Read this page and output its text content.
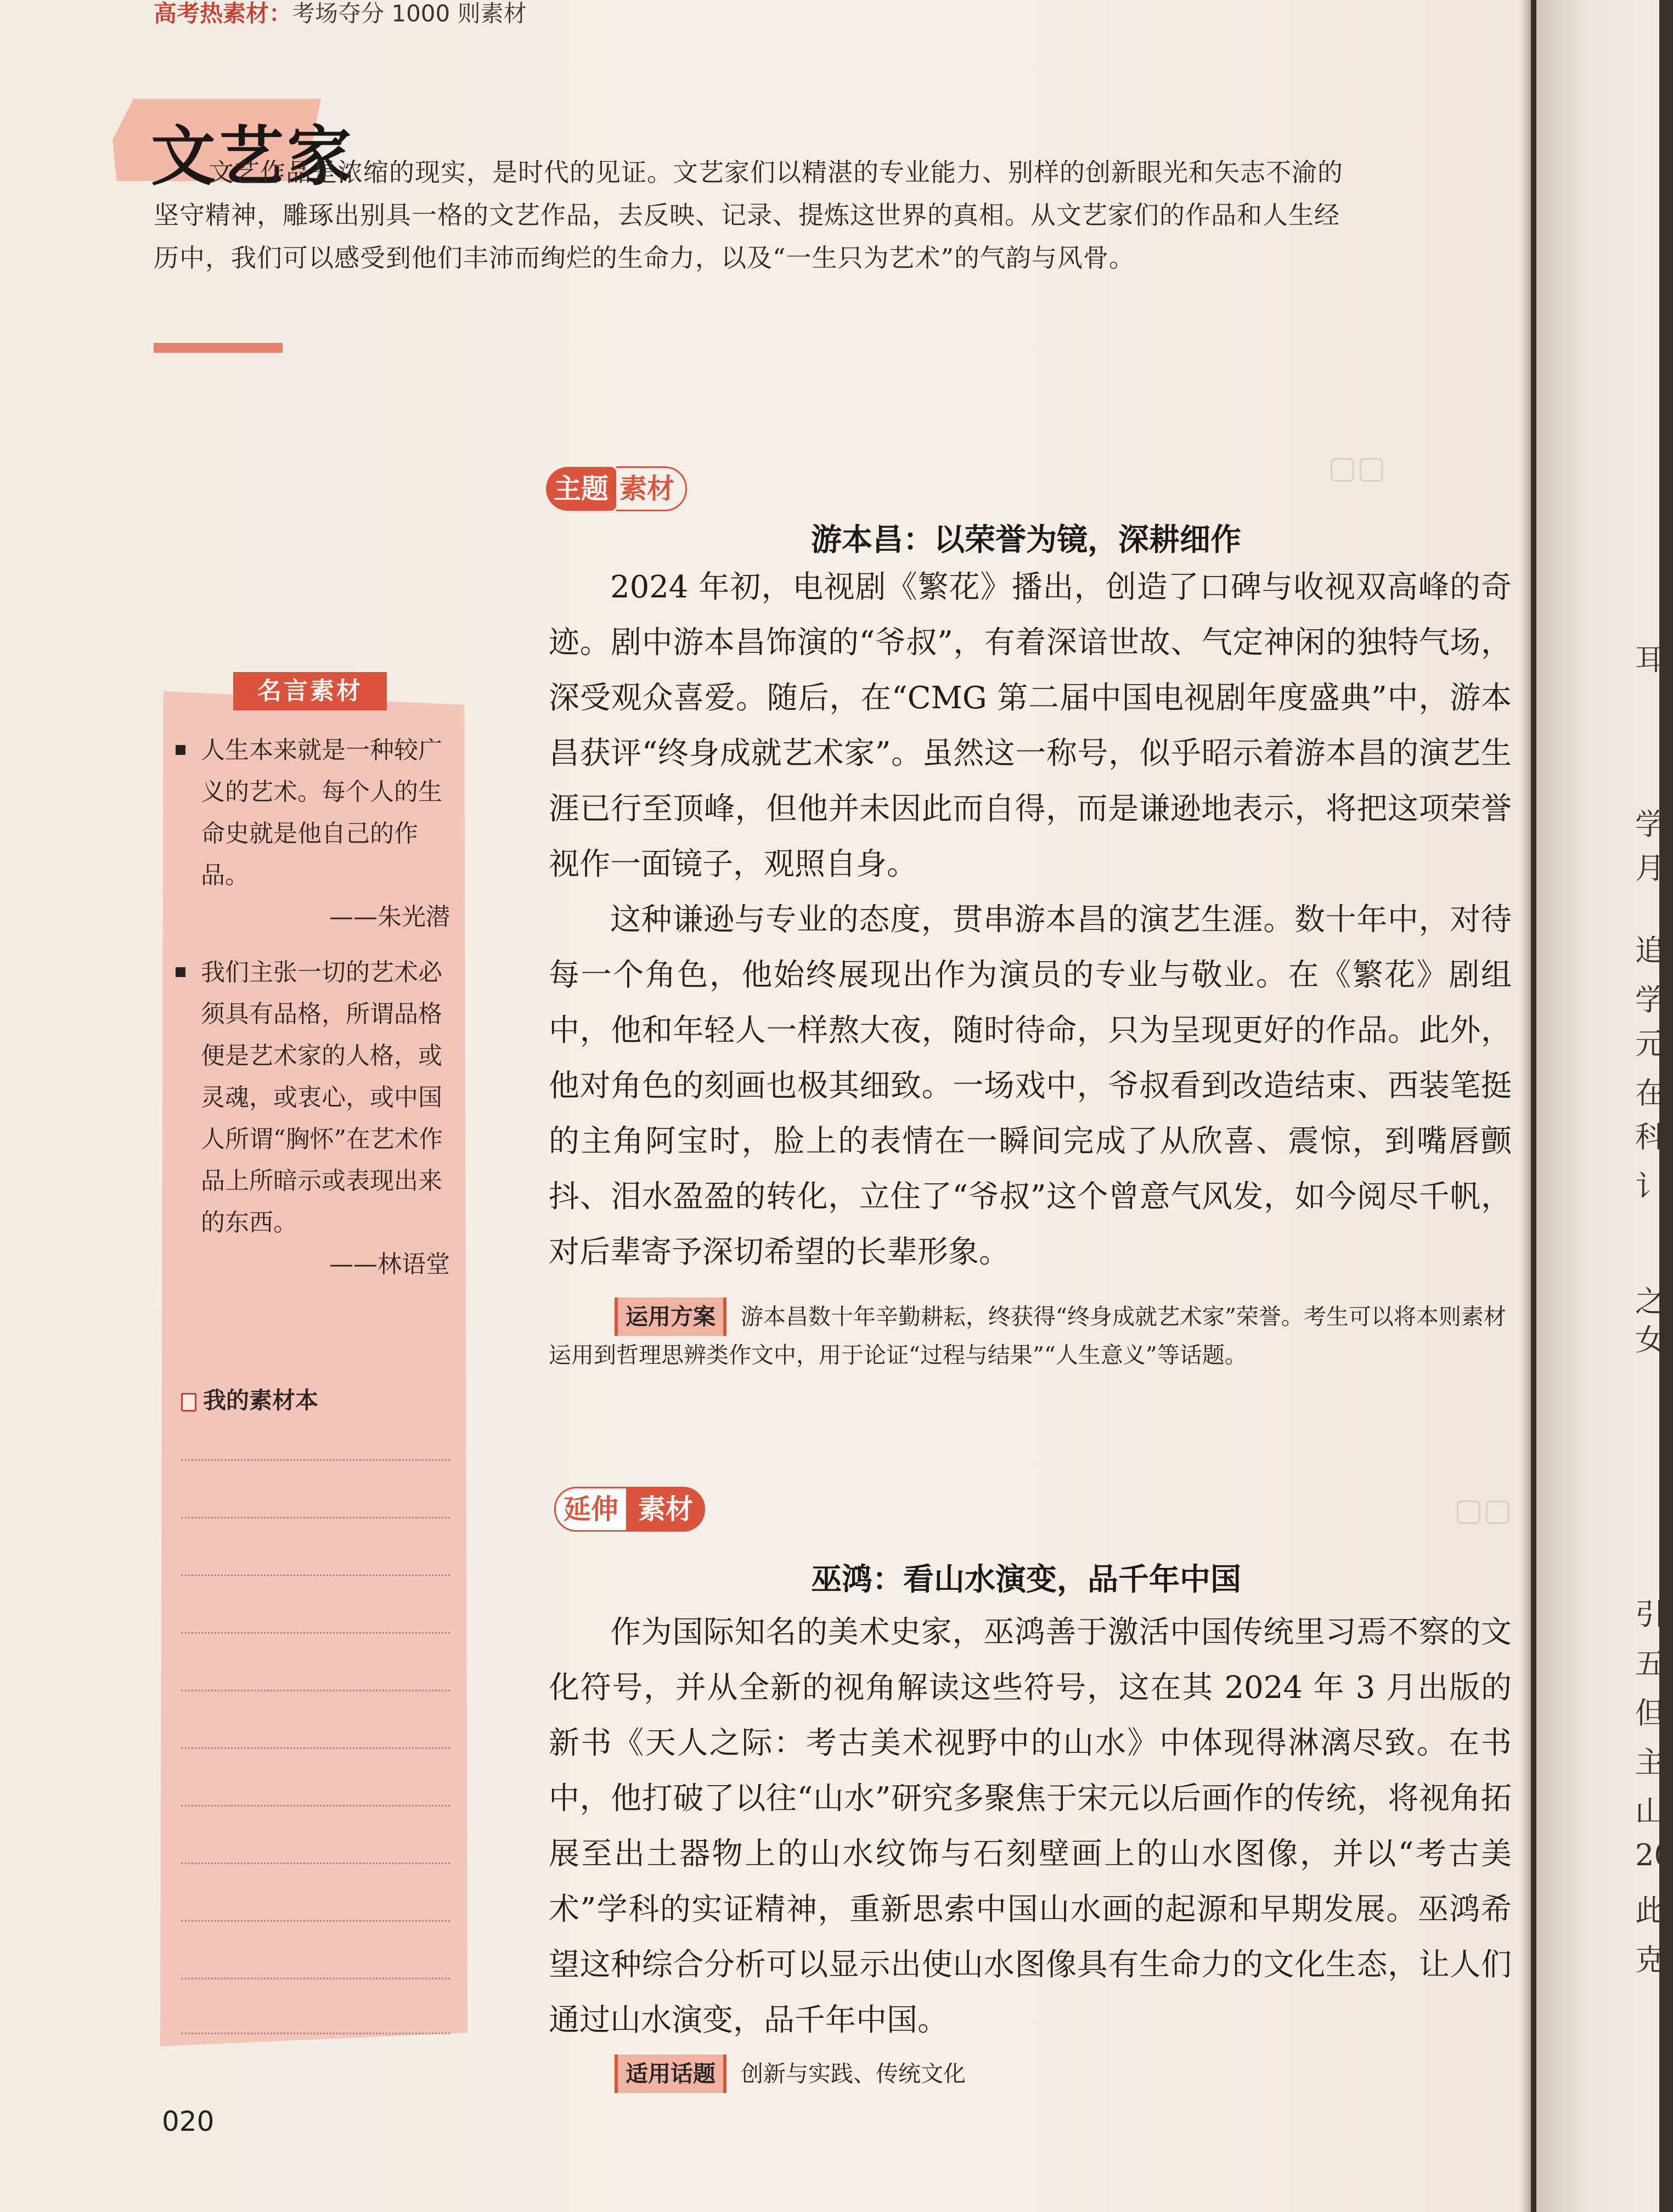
高考热素材：考场夺分 1000 则素材
文艺家
文艺作品是浓缩的现实，是时代的见证。文艺家们以精湛的专业能力、别样的创新眼光和矢志不渝的坚守精神，雕琢出别具一格的文艺作品，去反映、记录、提炼这世界的真相。从文艺家们的作品和人生经历中，我们可以感受到他们丰沛而绚烂的生命力，以及“一生只为艺术”的气韵与风骨。
▢▢
▢▢
名言素材
人生本来就是一种较广义的艺术。每个人的生命史就是他自己的作品。
——朱光潜
我们主张一切的艺术必须具有品格，所谓品格便是艺术家的人格，或灵魂，或衷心，或中国人所谓“胸怀”在艺术作品上所暗示或表现出来的东西。
——林语堂
我的素材本
主题 素材
游本昌：以荣誉为镜，深耕细作

2024 年初，电视剧《繁花》播出，创造了口碑与收视双高峰的奇迹。剧中游本昌饰演的“爷叔”，有着深谙世故、气定神闲的独特气场，深受观众喜爱。随后，在“CMG 第二届中国电视剧年度盛典”中，游本昌获评“终身成就艺术家”。虽然这一称号，似乎昭示着游本昌的演艺生涯已行至顶峰，但他并未因此而自得，而是谦逊地表示，将把这项荣誉视作一面镜子，观照自身。

这种谦逊与专业的态度，贯串游本昌的演艺生涯。数十年中，对待每一个角色，他始终展现出作为演员的专业与敬业。在《繁花》剧组中，他和年轻人一样熬大夜，随时待命，只为呈现更好的作品。此外，他对角色的刻画也极其细致。一场戏中，爷叔看到改造结束、西装笔挺的主角阿宝时，脸上的表情在一瞬间完成了从欣喜、震惊，到嘴唇颤抖、泪水盈盈的转化，立住了“爷叔”这个曾意气风发，如今阅尽千帆，对后辈寄予深切希望的长辈形象。

运用方案 游本昌数十年辛勤耕耘，终获得“终身成就艺术家”荣誉。考生可以将本则素材运用到哲理思辨类作文中，用于论证“过程与结果”“人生意义”等话题。
延伸 素材
巫鸿：看山水演变，品千年中国

作为国际知名的美术史家，巫鸿善于激活中国传统里习焉不察的文化符号，并从全新的视角解读这些符号，这在其 2024 年 3 月出版的新书《天人之际：考古美术视野中的山水》中体现得淋漓尽致。在书中，他打破了以往“山水”研究多聚焦于宋元以后画作的传统，将视角拓展至出土器物上的山水纹饰与石刻壁画上的山水图像，并以“考古美术”学科的实证精神，重新思索中国山水画的起源和早期发展。巫鸿希望这种综合分析可以显示出使山水图像具有生命力的文化生态，让人们通过山水演变，品千年中国。

适用话题 创新与实践、传统文化
020
耳
学
月
追
学
元
在
科
讠
之
女
引
五
但
主
山
20
此
克
